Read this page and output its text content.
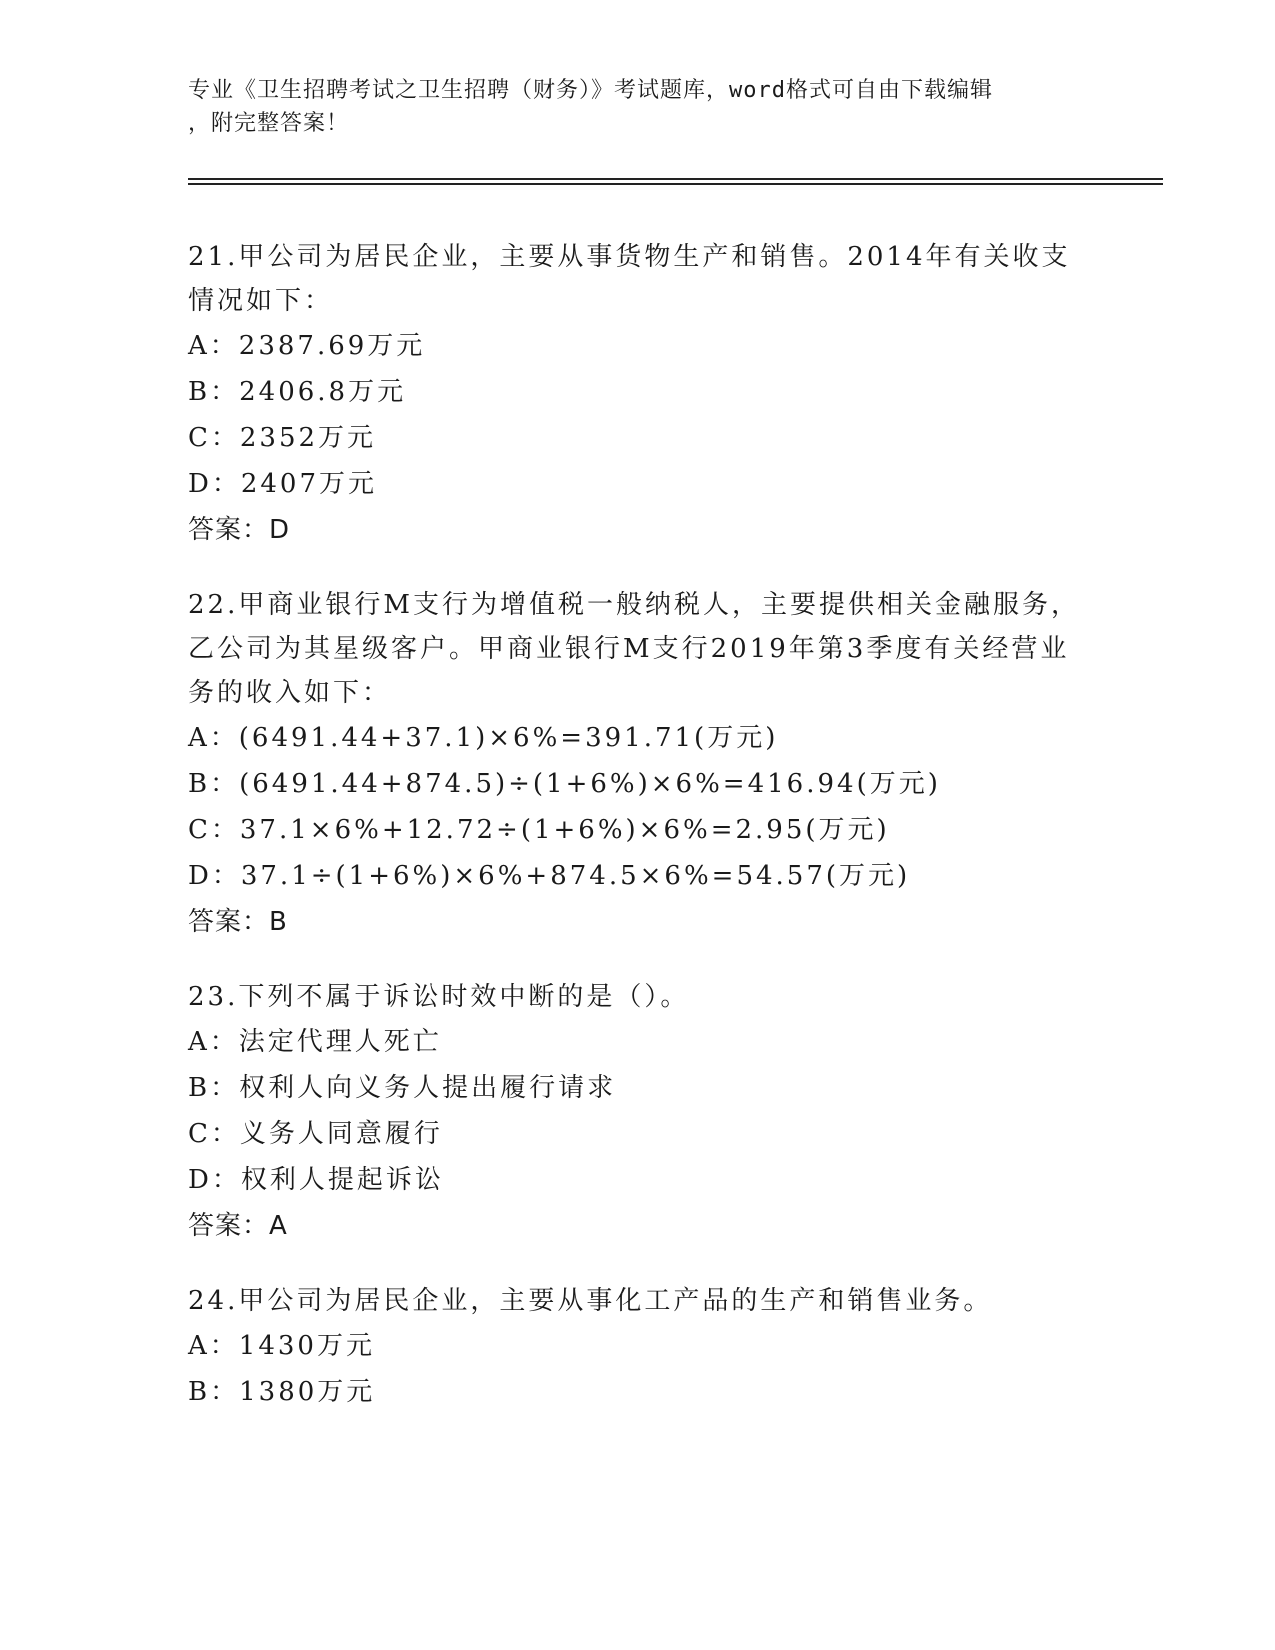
专业《卫生招聘考试之卫生招聘（财务）》考试题库，word格式可自由下载编辑
，附完整答案！
21.甲公司为居民企业，主要从事货物生产和销售。2014年有关收支情况如下：
A：2387.69万元
B：2406.8万元
C：2352万元
D：2407万元
答案：D
22.甲商业银行M支行为增值税一般纳税人，主要提供相关金融服务，乙公司为其星级客户。甲商业银行M支行2019年第3季度有关经营业务的收入如下：
A：(6491.44+37.1)×6%=391.71(万元)
B：(6491.44+874.5)÷(1+6%)×6%=416.94(万元)
C：37.1×6%+12.72÷(1+6%)×6%=2.95(万元)
D：37.1÷(1+6%)×6%+874.5×6%=54.57(万元)
答案：B
23.下列不属于诉讼时效中断的是（）。
A：法定代理人死亡
B：权利人向义务人提出履行请求
C：义务人同意履行
D：权利人提起诉讼
答案：A
24.甲公司为居民企业，主要从事化工产品的生产和销售业务。
A：1430万元
B：1380万元
